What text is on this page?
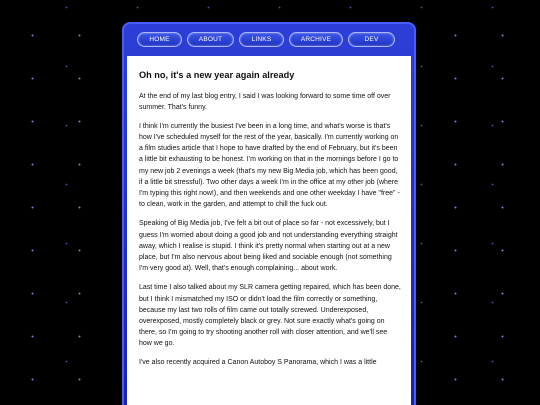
HOME	ABOUT	LINKS	ARCHIVE	DEV
Oh no, it's a new year again already

At the end of my last blog entry, I said I was looking forward to some time off over summer. That's funny.

I think I'm currently the busiest I've been in a long time, and what's worse is that's how I've scheduled myself for the rest of the year, basically. I'm currently working on a film studies article that I hope to have drafted by the end of February, but it's been a little bit exhausting to be honest. I'm working on that in the mornings before I go to my new job 2 evenings a week (that's my new Big Media job, which has been good, if a little bit stressful). Two other days a week I'm in the office at my other job (where I'm typing this right now!), and then weekends and one other weekday I have "free" - to clean, work in the garden, and attempt to chill the fuck out.

Speaking of Big Media job, I've felt a bit out of place so far - not excessively, but I guess I'm worried about doing a good job and not understanding everything straight away, which I realise is stupid. I think it's pretty normal when starting out at a new place, but I'm also nervous about being liked and sociable enough (not something I'm very good at). Well, that's enough complaining... about work.

Last time I also talked about my SLR camera getting repaired, which has been done, but I think I mismatched my ISO or didn't load the film correctly or something, because my last two rolls of film came out totally screwed. Underexposed, overexposed, mostly completely black or grey. Not sure exactly what's going on there, so I'm going to try shooting another roll with closer attention, and we'll see how we go.

I've also recently acquired a Canon Autoboy S Panorama, which I was a little
